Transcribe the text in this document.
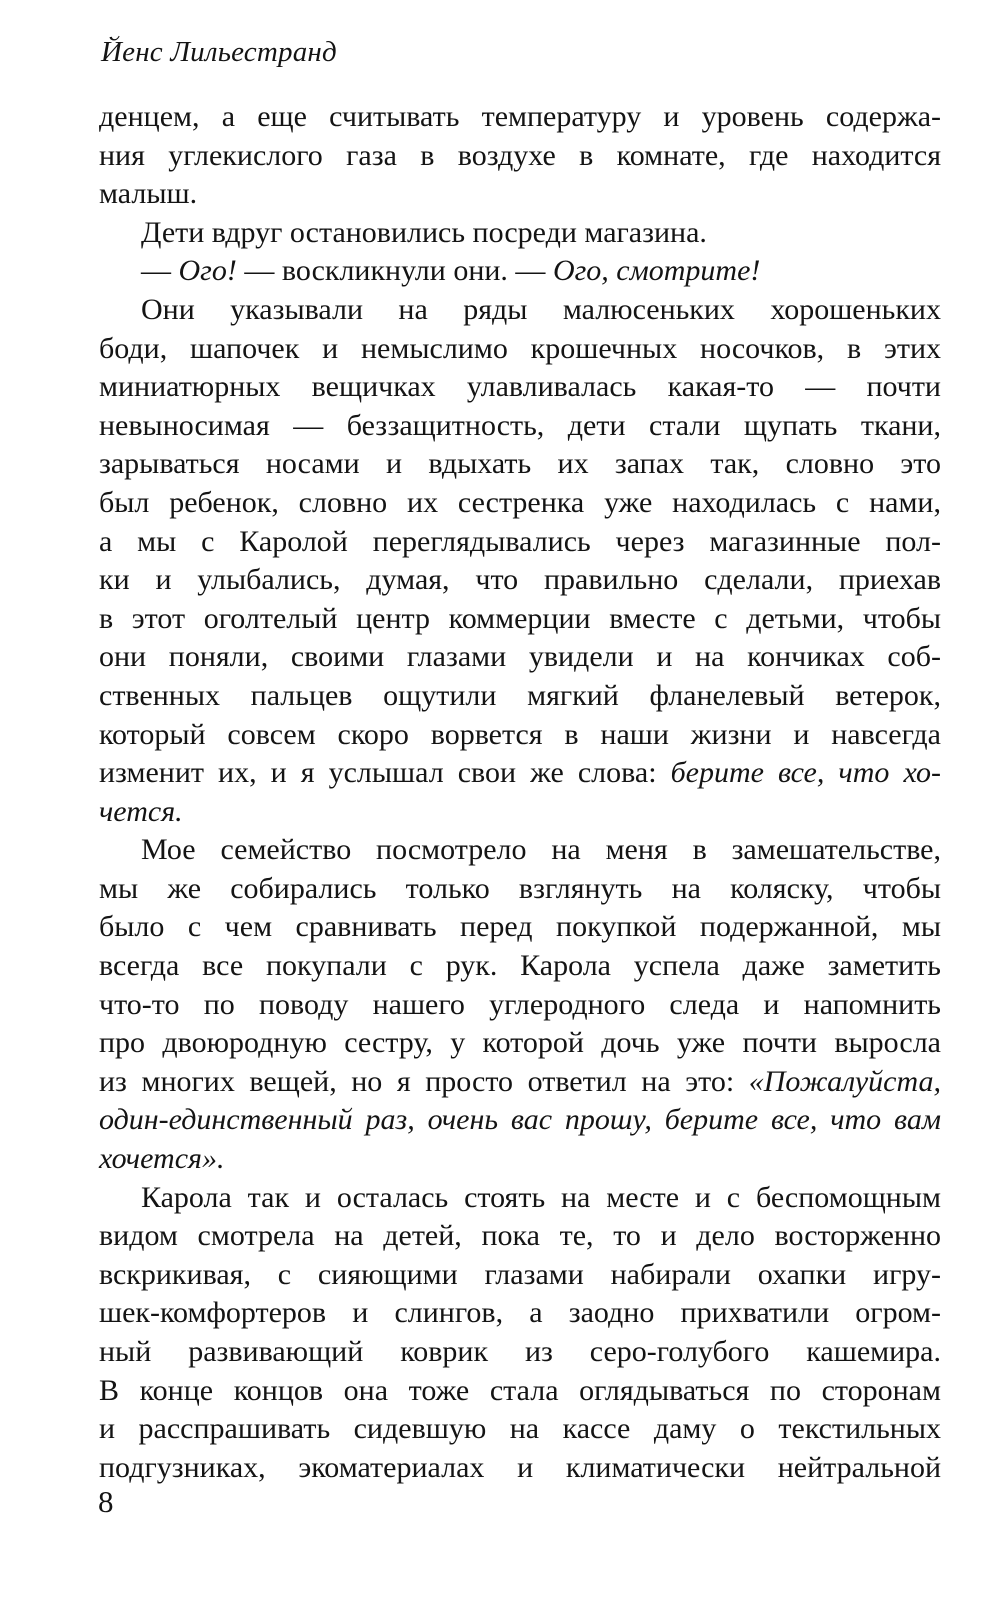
Йенс Лильестранд
денцем, а еще считывать температуру и уровень содержа-
ния углекислого газа в воздухе в комнате, где находится
малыш.
Дети вдруг остановились посреди магазина.
— Ого! — воскликнули они. — Ого, смотрите!
Они указывали на ряды малюсеньких хорошеньких
боди, шапочек и немыслимо крошечных носочков, в этих
миниатюрных вещичках улавливалась какая-то — почти
невыносимая — беззащитность, дети стали щупать ткани,
зарываться носами и вдыхать их запах так, словно это
был ребенок, словно их сестренка уже находилась с нами,
а мы с Каролой переглядывались через магазинные пол-
ки и улыбались, думая, что правильно сделали, приехав
в этот оголтелый центр коммерции вместе с детьми, чтобы
они поняли, своими глазами увидели и на кончиках соб-
ственных пальцев ощутили мягкий фланелевый ветерок,
который совсем скоро ворвется в наши жизни и навсегда
изменит их, и я услышал свои же слова: берите все, что хо-
чется.
Мое семейство посмотрело на меня в замешательстве,
мы же собирались только взглянуть на коляску, чтобы
было с чем сравнивать перед покупкой подержанной, мы
всегда все покупали с рук. Карола успела даже заметить
что-то по поводу нашего углеродного следа и напомнить
про двоюродную сестру, у которой дочь уже почти выросла
из многих вещей, но я просто ответил на это: «Пожалуйста,
один-единственный раз, очень вас прошу, берите все, что вам
хочется».
Карола так и осталась стоять на месте и с беспомощным
видом смотрела на детей, пока те, то и дело восторженно
вскрикивая, с сияющими глазами набирали охапки игру-
шек-комфортеров и слингов, а заодно прихватили огром-
ный развивающий коврик из серо-голубого кашемира.
В конце концов она тоже стала оглядываться по сторонам
и расспрашивать сидевшую на кассе даму о текстильных
подгузниках, экоматериалах и климатически нейтральной
8
